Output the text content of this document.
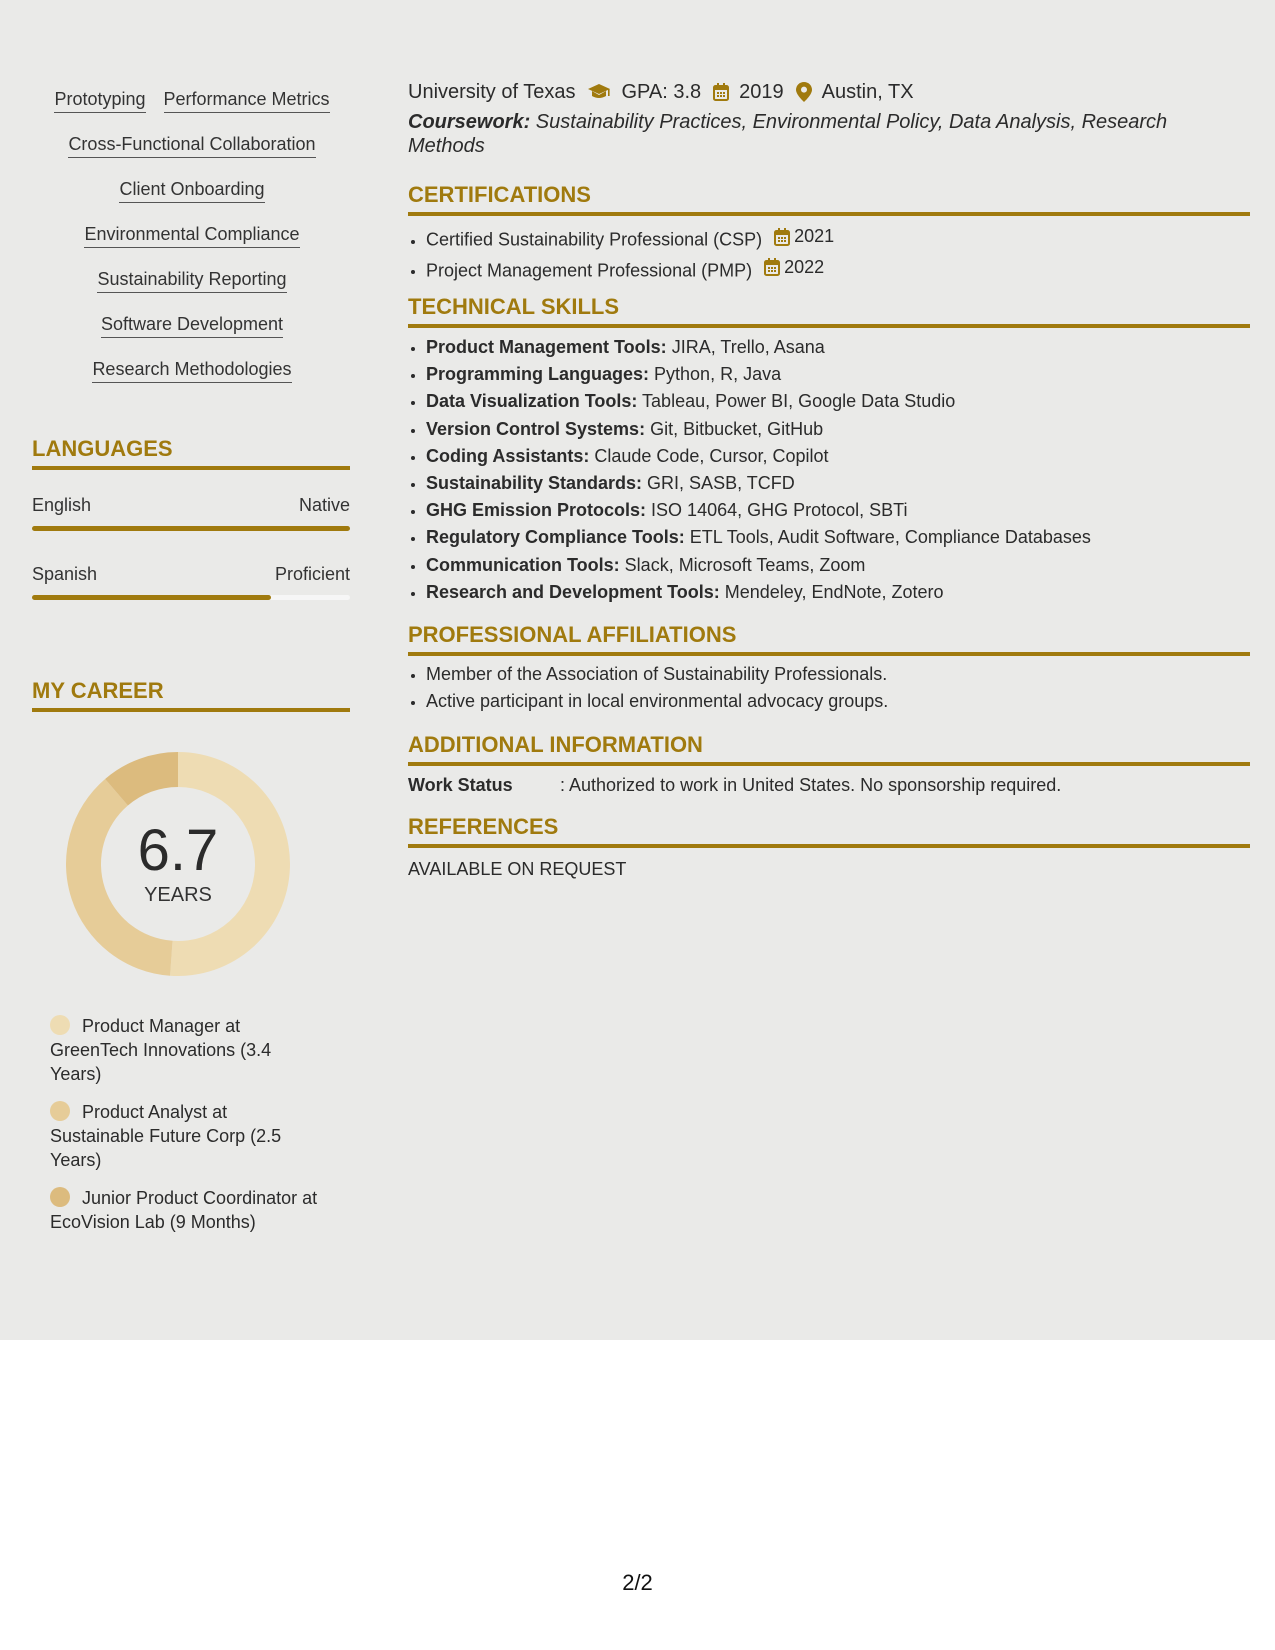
Prototyping Performance Metrics
Cross-Functional Collaboration
Client Onboarding
Environmental Compliance
Sustainability Reporting
Software Development
Research Methodologies
LANGUAGES
English	Native
Spanish	Proficient
MY CAREER
6.7
YEARS
Product Manager at GreenTech Innovations (3.4 Years)
Product Analyst at Sustainable Future Corp (2.5 Years)
Junior Product Coordinator at EcoVision Lab (9 Months)
University of Texas GPA: 3.8 2019 Austin, TX
Coursework: Sustainability Practices, Environmental Policy, Data Analysis, Research Methods
CERTIFICATIONS
• Certified Sustainability Professional (CSP) 2021
• Project Management Professional (PMP) 2022
TECHNICAL SKILLS
• Product Management Tools: JIRA, Trello, Asana
• Programming Languages: Python, R, Java
• Data Visualization Tools: Tableau, Power BI, Google Data Studio
• Version Control Systems: Git, Bitbucket, GitHub
• Coding Assistants: Claude Code, Cursor, Copilot
• Sustainability Standards: GRI, SASB, TCFD
• GHG Emission Protocols: ISO 14064, GHG Protocol, SBTi
• Regulatory Compliance Tools: ETL Tools, Audit Software, Compliance Databases
• Communication Tools: Slack, Microsoft Teams, Zoom
• Research and Development Tools: Mendeley, EndNote, Zotero
PROFESSIONAL AFFILIATIONS
• Member of the Association of Sustainability Professionals.
• Active participant in local environmental advocacy groups.
ADDITIONAL INFORMATION
Work Status	: Authorized to work in United States. No sponsorship required.
REFERENCES
AVAILABLE ON REQUEST
2/2
